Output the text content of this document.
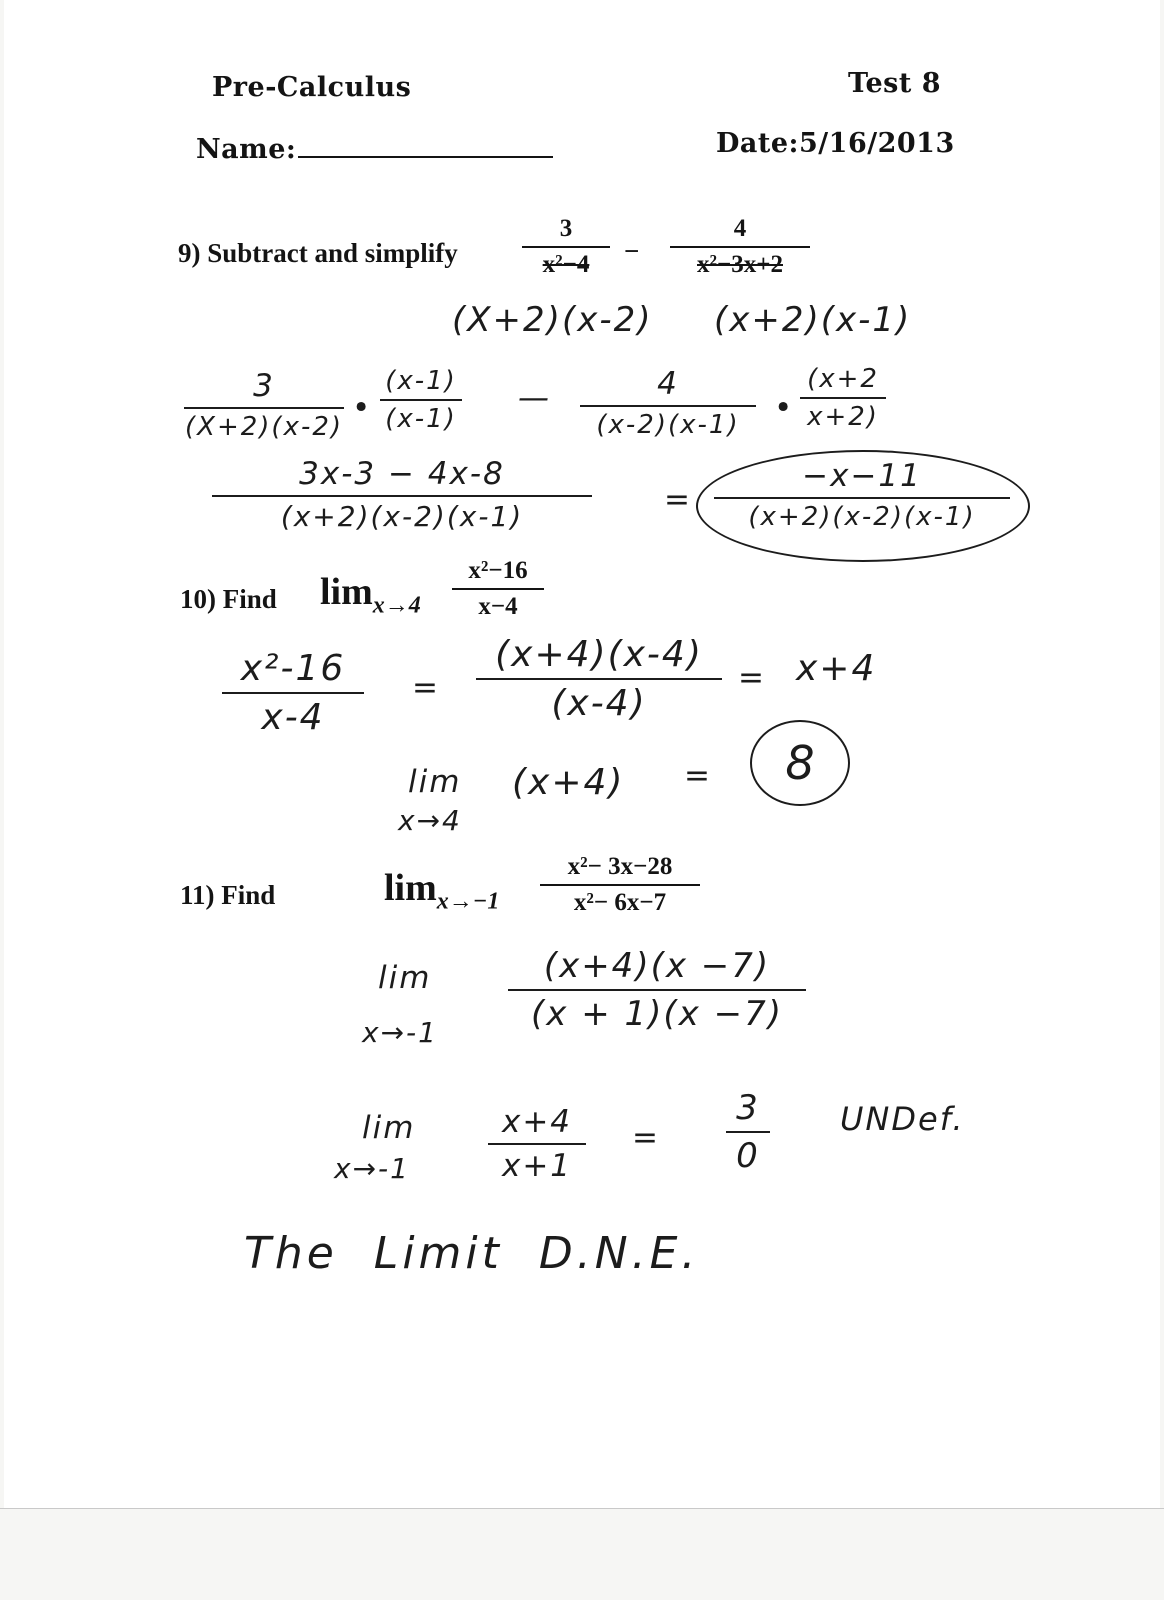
Pre-Calculus	Test 8
Name:	Date:5/16/2013
9) Subtract and simplify
3
x²−4 −
4
x²−3x+2
(X+2)(x-2) (x+2)(x-1)
3
(X+2)(x-2)
•
(x-1)
(x-1)
—	4
(x-2)(x-1) •
(x+2
x+2)
3x-3 − 4x-8
(x+2)(x-2)(x-1)	=
−x−11
(x+2)(x-2)(x-1)
10) Find $\lim_{x\to 4}$
x²−16
x−4
x²-16
x-4
=
(x+4)(x-4)
(x-4)
= x+4
lim
x→4
(x+4) = 8
11) Find	$\lim_{x\to-1}$
x²− 3x−28
x²− 6x−7
lim
x→-1
(x+4)(x −7)
(x + 1)(x −7)
lim
x→-1
x+4
x+1
=
3
0
UNDef.
The  Limit  D.N.E.
